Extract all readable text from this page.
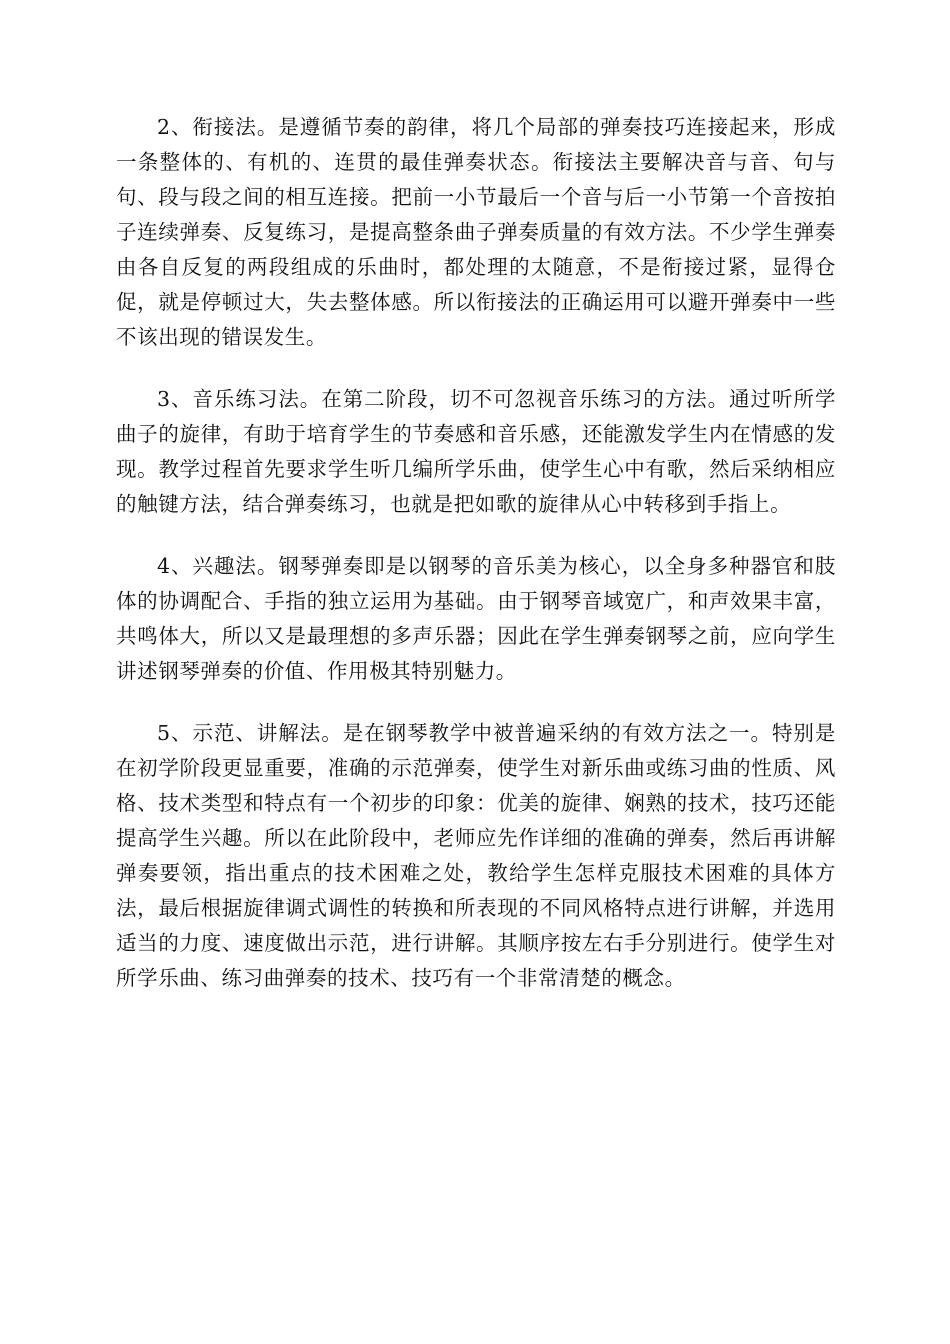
2、衔接法。是遵循节奏的韵律，将几个局部的弹奏技巧连接起来，形成一条整体的、有机的、连贯的最佳弹奏状态。衔接法主要解决音与音、句与句、段与段之间的相互连接。把前一小节最后一个音与后一小节第一个音按拍子连续弹奏、反复练习，是提高整条曲子弹奏质量的有效方法。不少学生弹奏由各自反复的两段组成的乐曲时，都处理的太随意，不是衔接过紧，显得仓促，就是停顿过大，失去整体感。所以衔接法的正确运用可以避开弹奏中一些不该出现的错误发生。

3、音乐练习法。在第二阶段，切不可忽视音乐练习的方法。通过听所学曲子的旋律，有助于培育学生的节奏感和音乐感，还能激发学生内在情感的发现。教学过程首先要求学生听几编所学乐曲，使学生心中有歌，然后采纳相应的触键方法，结合弹奏练习，也就是把如歌的旋律从心中转移到手指上。

4、兴趣法。钢琴弹奏即是以钢琴的音乐美为核心，以全身多种器官和肢体的协调配合、手指的独立运用为基础。由于钢琴音域宽广，和声效果丰富，共鸣体大，所以又是最理想的多声乐器；因此在学生弹奏钢琴之前，应向学生讲述钢琴弹奏的价值、作用极其特别魅力。

5、示范、讲解法。是在钢琴教学中被普遍采纳的有效方法之一。特别是在初学阶段更显重要，准确的示范弹奏，使学生对新乐曲或练习曲的性质、风格、技术类型和特点有一个初步的印象：优美的旋律、娴熟的技术，技巧还能提高学生兴趣。所以在此阶段中，老师应先作详细的准确的弹奏，然后再讲解弹奏要领，指出重点的技术困难之处，教给学生怎样克服技术困难的具体方法，最后根据旋律调式调性的转换和所表现的不同风格特点进行讲解，并选用适当的力度、速度做出示范，进行讲解。其顺序按左右手分别进行。使学生对所学乐曲、练习曲弹奏的技术、技巧有一个非常清楚的概念。
